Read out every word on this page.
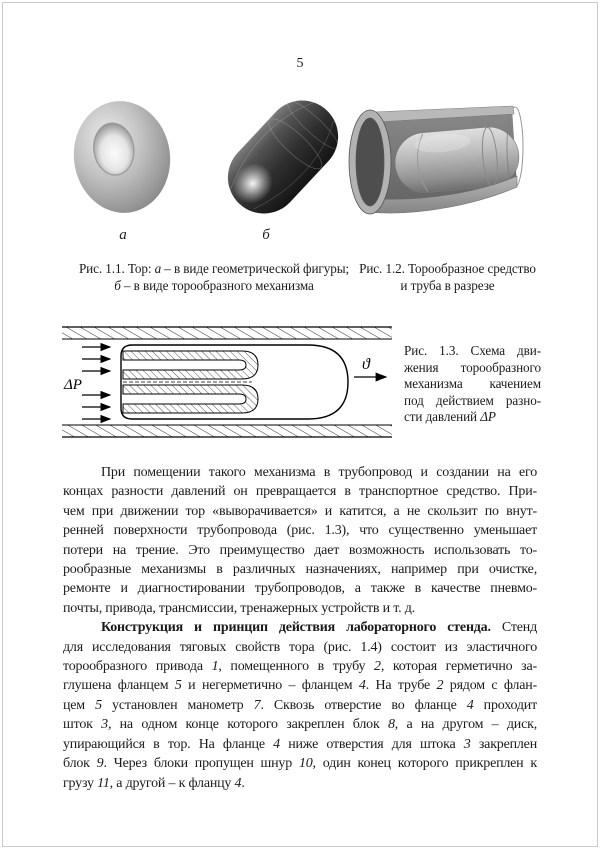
5
а	б
Рис. 1.1. Тор: а – в виде геометрической фигуры;
б – в виде торообразного механизма
Рис. 1.2. Торообразное средство
и труба в разрезе
ΔР
ϑ
Рис. 1.3. Схема дви-
жения торообразного
механизма качением
под действием разно-
сти давлений ΔР
При помещении такого механизма в трубопровод и создании на его
концах разности давлений он превращается в транспортное средство. При-
чем при движении тор «выворачивается» и катится, а не скользит по внут-
ренней поверхности трубопровода (рис. 1.3), что существенно уменьшает
потери на трение. Это преимущество дает возможность использовать то-
рообразные механизмы в различных назначениях, например при очистке,
ремонте и диагностировании трубопроводов, а также в качестве пневмо-
почты, привода, трансмиссии, тренажерных устройств и т. д.
Конструкция и принцип действия лабораторного стенда. Стенд
для исследования тяговых свойств тора (рис. 1.4) состоит из эластичного
торообразного привода 1, помещенного в трубу 2, которая герметично за-
глушена фланцем 5 и негерметично – фланцем 4. На трубе 2 рядом с флан-
цем 5 установлен манометр 7. Сквозь отверстие во фланце 4 проходит
шток 3, на одном конце которого закреплен блок 8, а на другом – диск,
упирающийся в тор. На фланце 4 ниже отверстия для штока 3 закреплен
блок 9. Через блоки пропущен шнур 10, один конец которого прикреплен к
грузу 11, а другой – к фланцу 4.
